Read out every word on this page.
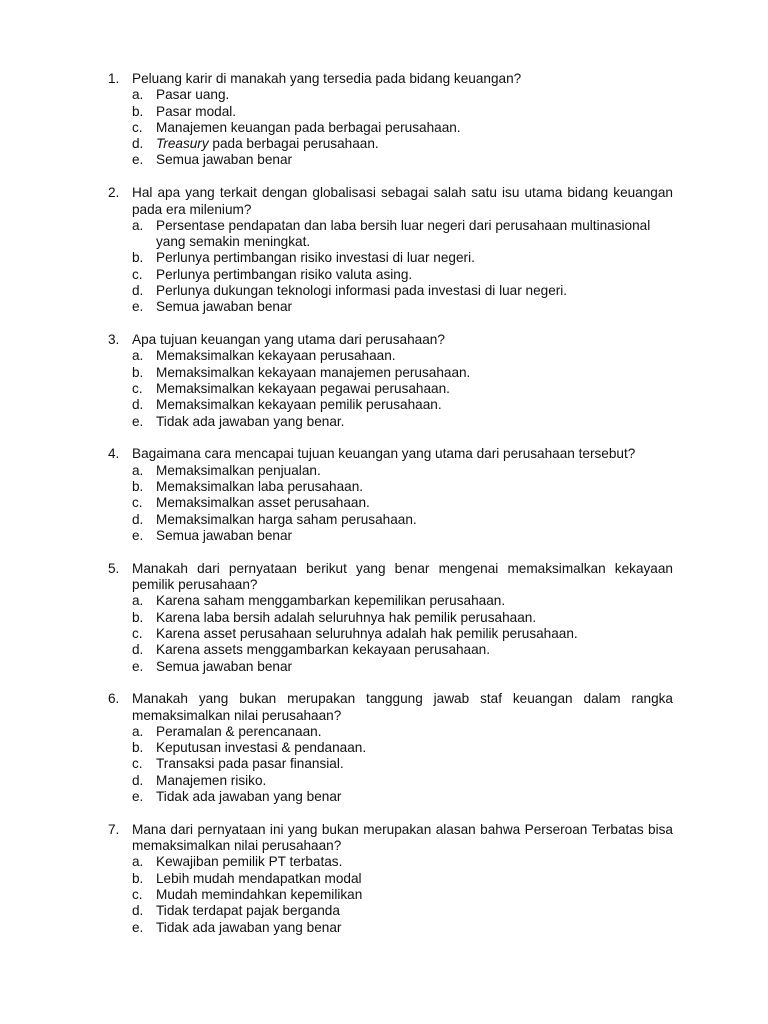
1. Peluang karir di manakah yang tersedia pada bidang keuangan?
a. Pasar uang.
b. Pasar modal.
c. Manajemen keuangan pada berbagai perusahaan.
d. Treasury pada berbagai perusahaan.
e. Semua jawaban benar
2. Hal apa yang terkait dengan globalisasi sebagai salah satu isu utama bidang keuangan pada era milenium?
a. Persentase pendapatan dan laba bersih luar negeri dari perusahaan multinasional yang semakin meningkat.
b. Perlunya pertimbangan risiko investasi di luar negeri.
c. Perlunya pertimbangan risiko valuta asing.
d. Perlunya dukungan teknologi informasi pada investasi di luar negeri.
e. Semua jawaban benar
3. Apa tujuan keuangan yang utama dari perusahaan?
a. Memaksimalkan kekayaan perusahaan.
b. Memaksimalkan kekayaan manajemen perusahaan.
c. Memaksimalkan kekayaan pegawai perusahaan.
d. Memaksimalkan kekayaan pemilik perusahaan.
e. Tidak ada jawaban yang benar.
4. Bagaimana cara mencapai tujuan keuangan yang utama dari perusahaan tersebut?
a. Memaksimalkan penjualan.
b. Memaksimalkan laba perusahaan.
c. Memaksimalkan asset perusahaan.
d. Memaksimalkan harga saham perusahaan.
e. Semua jawaban benar
5. Manakah dari pernyataan berikut yang benar mengenai memaksimalkan kekayaan pemilik perusahaan?
a. Karena saham menggambarkan kepemilikan perusahaan.
b. Karena laba bersih adalah seluruhnya hak pemilik perusahaan.
c. Karena asset perusahaan seluruhnya adalah hak pemilik perusahaan.
d. Karena assets menggambarkan kekayaan perusahaan.
e. Semua jawaban benar
6. Manakah yang bukan merupakan tanggung jawab staf keuangan dalam rangka memaksimalkan nilai perusahaan?
a. Peramalan & perencanaan.
b. Keputusan investasi & pendanaan.
c. Transaksi pada pasar finansial.
d. Manajemen risiko.
e. Tidak ada jawaban yang benar
7. Mana dari pernyataan ini yang bukan merupakan alasan bahwa Perseroan Terbatas bisa memaksimalkan nilai perusahaan?
a. Kewajiban pemilik PT terbatas.
b. Lebih mudah mendapatkan modal
c. Mudah memindahkan kepemilikan
d. Tidak terdapat pajak berganda
e. Tidak ada jawaban yang benar
